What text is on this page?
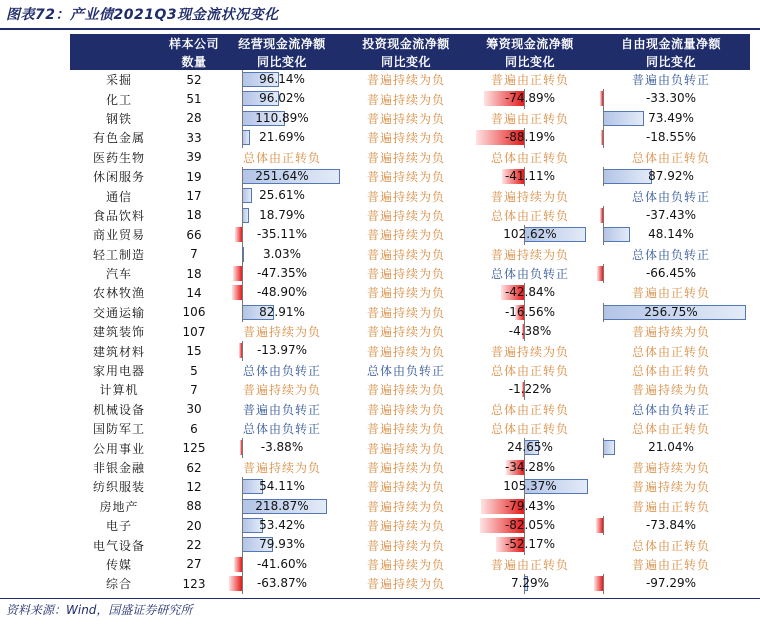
图表72：产业债2021Q3现金流状况变化
	样本公司	经营现金流净额	投资现金流净额	筹资现金流净额	自由现金流量净额
	数量	同比变化	同比变化	同比变化	同比变化
采掘	52	96.14%	普遍持续为负	普遍由正转负	普遍由负转正

化工	51	96.02%	普遍持续为负	-74.89%	-33.30%

钢铁	28	110.89%	普遍持续为负	普遍由正转负	73.49%

有色金属	33	21.69%	普遍持续为负	-88.19%	-18.55%

医药生物	39	总体由正转负	普遍持续为负	总体由正转负	总体由正转负

休闲服务	19	251.64%	普遍持续为负	-41.11%	87.92%

通信	17	25.61%	普遍持续为负	普遍持续为负	总体由负转正

食品饮料	18	18.79%	普遍持续为负	总体由正转负	-37.43%

商业贸易	66	-35.11%	普遍持续为负	102.62%	48.14%

轻工制造	7	3.03%	普遍持续为负	普遍持续为负	总体由负转正

汽车	18	-47.35%	普遍持续为负	总体由负转正	-66.45%

农林牧渔	14	-48.90%	普遍持续为负	-42.84%	普遍由正转负

交通运输	106	82.91%	普遍持续为负	-16.56%	256.75%

建筑装饰	107	普遍持续为负	普遍持续为负	-4.38%	普遍持续为负

建筑材料	15	-13.97%	普遍持续为负	普遍持续为负	总体由正转负

家用电器	5	总体由负转正	总体由负转正	总体由正转负	总体由正转负

计算机	7	普遍持续为负	普遍持续为负	-1.22%	普遍持续为负

机械设备	30	普遍由负转正	普遍持续为负	总体由正转负	总体由负转正

国防军工	6	总体由负转正	普遍持续为负	总体由正转负	总体由正转负

公用事业	125	-3.88%	普遍持续为负	24.65%	21.04%

非银金融	62	普遍持续为负	普遍持续为负	-34.28%	普遍持续为负

纺织服装	12	54.11%	普遍持续为负	105.37%	普遍持续为负

房地产	88	218.87%	普遍持续为负	-79.43%	普遍由正转负

电子	20	53.42%	普遍持续为负	-82.05%	-73.84%

电气设备	22	79.93%	普遍持续为负	-52.17%	总体由正转负

传媒	27	-41.60%	普遍持续为负	普遍由正转负	普遍由正转负

综合	123	-63.87%	普遍持续为负	7.29%	-97.29%
资料来源：Wind，国盛证券研究所
